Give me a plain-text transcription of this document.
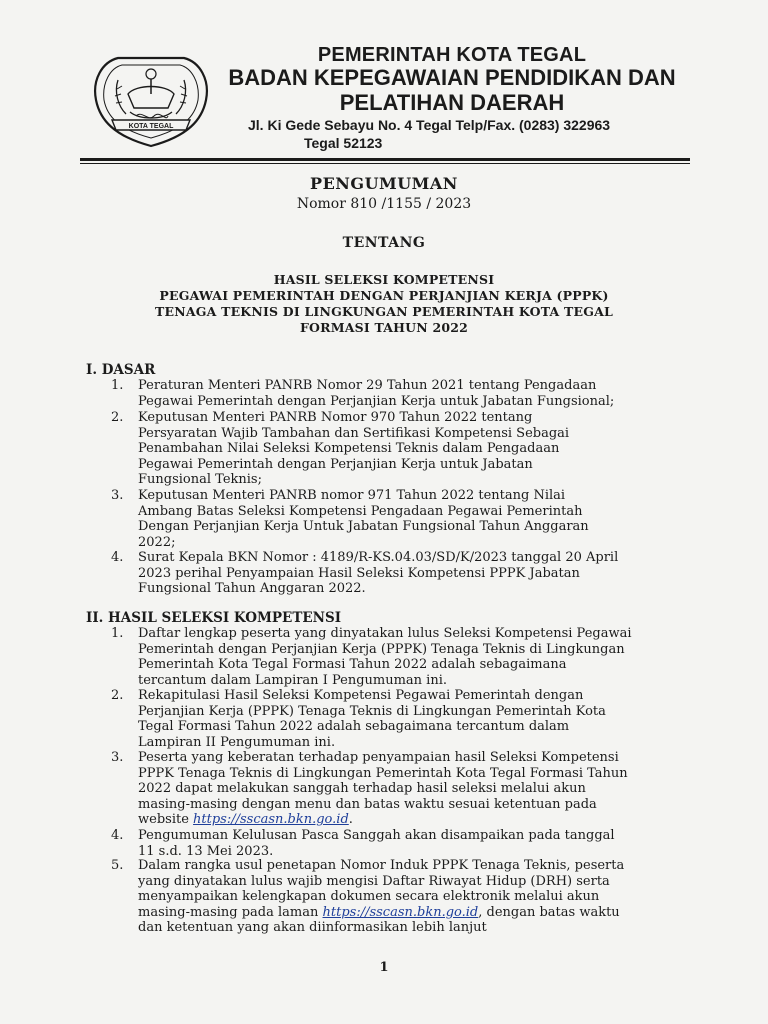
KOTA TEGAL
PEMERINTAH KOTA TEGAL
BADAN KEPEGAWAIAN PENDIDIKAN DAN
PELATIHAN DAERAH
Jl. Ki Gede Sebayu No. 4 Tegal Telp/Fax. (0283) 322963
Tegal 52123
PENGUMUMAN
Nomor 810 /1155 / 2023
TENTANG
HASIL SELEKSI KOMPETENSI
PEGAWAI PEMERINTAH DENGAN PERJANJIAN KERJA (PPPK)
TENAGA TEKNIS DI LINGKUNGAN PEMERINTAH KOTA TEGAL
FORMASI TAHUN 2022
I. DASAR
1. Peraturan Menteri PANRB Nomor 29 Tahun 2021 tentang Pengadaan
Pegawai Pemerintah dengan Perjanjian Kerja untuk Jabatan Fungsional;
2. Keputusan Menteri PANRB Nomor 970 Tahun 2022 tentang
Persyaratan Wajib Tambahan dan Sertifikasi Kompetensi Sebagai
Penambahan Nilai Seleksi Kompetensi Teknis dalam Pengadaan
Pegawai Pemerintah dengan Perjanjian Kerja untuk Jabatan
Fungsional Teknis;
3. Keputusan Menteri PANRB nomor 971 Tahun 2022 tentang Nilai
Ambang Batas Seleksi Kompetensi Pengadaan Pegawai Pemerintah
Dengan Perjanjian Kerja Untuk Jabatan Fungsional Tahun Anggaran
2022;
4. Surat Kepala BKN Nomor : 4189/R-KS.04.03/SD/K/2023 tanggal 20 April
2023 perihal Penyampaian Hasil Seleksi Kompetensi PPPK Jabatan
Fungsional Tahun Anggaran 2022.
II. HASIL SELEKSI KOMPETENSI
1. Daftar lengkap peserta yang dinyatakan lulus Seleksi Kompetensi Pegawai
Pemerintah dengan Perjanjian Kerja (PPPK) Tenaga Teknis di Lingkungan
Pemerintah Kota Tegal Formasi Tahun 2022 adalah sebagaimana
tercantum dalam Lampiran I Pengumuman ini.
2. Rekapitulasi Hasil Seleksi Kompetensi Pegawai Pemerintah dengan
Perjanjian Kerja (PPPK) Tenaga Teknis di Lingkungan Pemerintah Kota
Tegal Formasi Tahun 2022 adalah sebagaimana tercantum dalam
Lampiran II Pengumuman ini.
3. Peserta yang keberatan terhadap penyampaian hasil Seleksi Kompetensi
PPPK Tenaga Teknis di Lingkungan Pemerintah Kota Tegal Formasi Tahun
2022 dapat melakukan sanggah terhadap hasil seleksi melalui akun
masing-masing dengan menu dan batas waktu sesuai ketentuan pada
website https://sscasn.bkn.go.id.
4. Pengumuman Kelulusan Pasca Sanggah akan disampaikan pada tanggal
11 s.d. 13 Mei 2023.
5. Dalam rangka usul penetapan Nomor Induk PPPK Tenaga Teknis, peserta
yang dinyatakan lulus wajib mengisi Daftar Riwayat Hidup (DRH) serta
menyampaikan kelengkapan dokumen secara elektronik melalui akun
masing-masing pada laman https://sscasn.bkn.go.id, dengan batas waktu
dan ketentuan yang akan diinformasikan lebih lanjut
1
